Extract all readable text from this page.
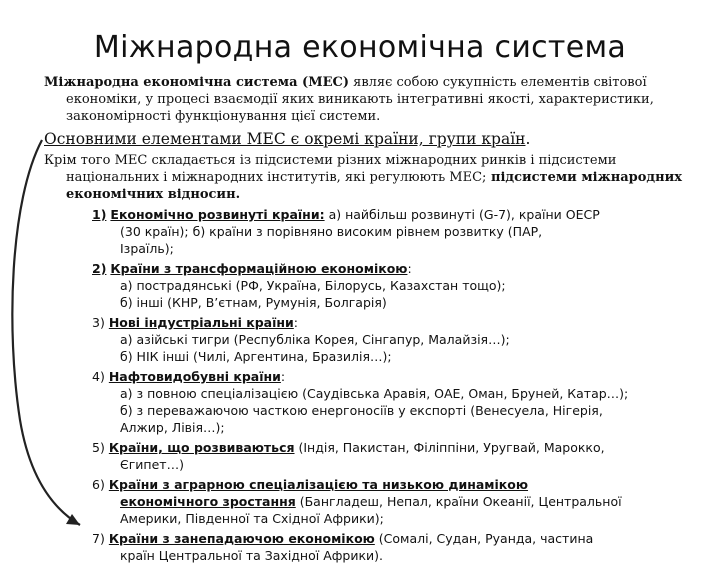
Міжнародна економічна система
Міжнародна економічна система (МЕС) являє собою сукупність елементів світової
економіки, у процесі взаємодії яких виникають інтегративні якості, характеристики,
закономірності функціонування цієї системи.
Основними елементами МЕС є окремі країни, групи країн.
Крім того МЕС складається із підсистеми різних міжнародних ринків і підсистеми
національних і міжнародних інститутів, які регулюють МЕС; підсистеми міжнародних
економічних відносин.
1) Економічно розвинуті країни: а) найбільш розвинуті (G-7), країни ОЕСР
(30 країн); б) країни з порівняно високим рівнем розвитку (ПАР,
Ізраїль);
2) Країни з трансформаційною економікою:
а) пострадянські (РФ, Україна, Білорусь, Казахстан тощо);
б) інші (КНР, В’єтнам, Румунія, Болгарія)
3) Нові індустріальні країни:
а) азійські тигри (Республіка Корея, Сінгапур, Малайзія…);
б) НІК інші (Чилі, Аргентина, Бразилія…);
4) Нафтовидобувні країни:
а) з повною спеціалізацією (Саудівська Аравія, ОАЕ, Оман, Бруней, Катар…);
б) з переважаючою часткою енергоносіїв у експорті (Венесуела, Нігерія,
Алжир, Лівія…);
5) Країни, що розвиваються (Індія, Пакистан, Філіппіни, Уругвай, Марокко,
Єгипет…)
6) Країни з аграрною спеціалізацією та низькою динамікою
економічного зростання (Бангладеш, Непал, країни Океанії, Центральної
Америки, Південної та Східної Африки);
7) Країни з занепадаючою економікою (Сомалі, Судан, Руанда, частина
країн Центральної та Західної Африки).
